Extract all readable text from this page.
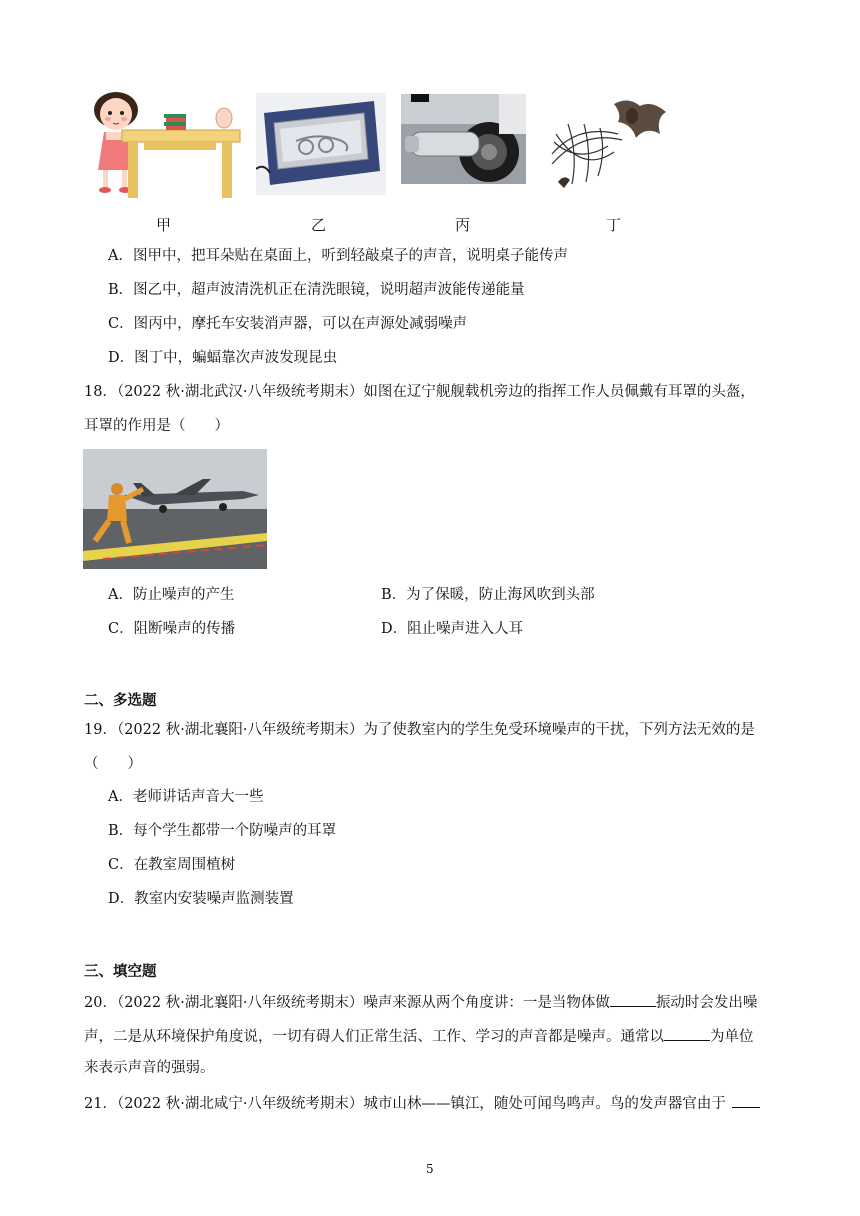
甲	乙	丙	丁
A．图甲中，把耳朵贴在桌面上，听到轻敲桌子的声音，说明桌子能传声
B．图乙中，超声波清洗机正在清洗眼镜，说明超声波能传递能量
C．图丙中，摩托车安装消声器，可以在声源处减弱噪声
D．图丁中，蝙蝠靠次声波发现昆虫
18．（2022 秋·湖北武汉·八年级统考期末）如图在辽宁舰舰载机旁边的指挥工作人员佩戴有耳罩的头盔，
耳罩的作用是（　　）
A．防止噪声的产生	B．为了保暖，防止海风吹到头部
C．阻断噪声的传播	D．阻止噪声进入人耳
二、多选题
19．（2022 秋·湖北襄阳·八年级统考期末）为了使教室内的学生免受环境噪声的干扰，下列方法无效的是
（　　）
A．老师讲话声音大一些
B．每个学生都带一个防噪声的耳罩
C．在教室周围植树
D．教室内安装噪声监测装置
三、填空题
20．（2022 秋·湖北襄阳·八年级统考期末）噪声来源从两个角度讲：一是当物体做	振动时会发出噪
声，二是从环境保护角度说，一切有碍人们正常生活、工作、学习的声音都是噪声。通常以	为单位
来表示声音的强弱。
21．（2022 秋·湖北咸宁·八年级统考期末）城市山林——镇江，随处可闻鸟鸣声。鸟的发声器官由于
5
